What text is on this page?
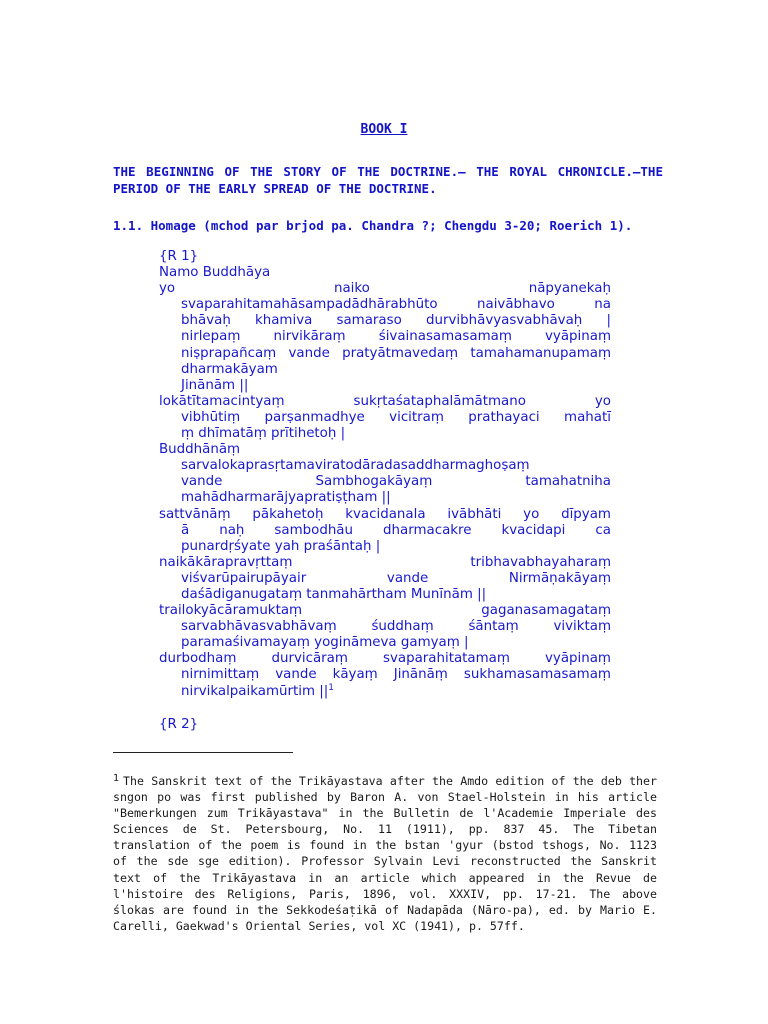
BOOK I
THE BEGINNING OF THE STORY OF THE DOCTRINE.– THE ROYAL CHRONICLE.–THE PERIOD OF THE EARLY SPREAD OF THE DOCTRINE.
1.1. Homage (mchod par brjod pa. Chandra ?; Chengdu 3-20; Roerich 1).
{R 1}
Namo Buddhāya
yo	naiko	nāpyanekaḥ
svaparahitamahāsampadādhārabhūto	naivābhavo	na
bhāvaḥ khamiva samaraso durvibhāvyasvabhāvaḥ |
nirlepaṃ nirvikāraṃ śivainasamasamaṃ vyāpinaṃ
niṣprapañcaṃ vande pratyātmavedaṃ tamahamanupamaṃ
dharmakāyam
Jinānām ||
lokātītamacintyaṃ	sukṛtaśataphalāmātmano	yo
vibhūtiṃ parṣanmadhye vicitraṃ prathayaci mahatī
ṃ dhīmatāṃ prītihetoḥ |
Buddhānāṃ
sarvalokaprasṛtamaviratodāradasaddharmaghoṣaṃ
vande	Sambhogakāyaṃ	tamahatniha
mahādharmarājyapratiṣṭham ||
sattvānāṃ pākahetoḥ kvacidanala ivābhāti yo dīpyam
ā naḥ sambodhāu dharmacakre kvacidapi ca
punardṛśyate yah praśāntaḥ |
naikākārapravṛttaṃ	tribhavabhayaharaṃ
viśvarūpairupāyair	vande	Nirmāṇakāyaṃ
daśādiganugataṃ tanmahārtham Munīnām ||
trailokyācāramuktaṃ	gaganasamagataṃ
sarvabhāvasvabhāvaṃ	śuddhaṃ	śāntaṃ	viviktaṃ
paramaśivamayaṃ yogināmeva gamyaṃ |
durbodhaṃ	durvicāraṃ	svaparahitatamaṃ	vyāpinaṃ
nirnimittaṃ vande kāyaṃ Jinānāṃ sukhamasamasamaṃ
nirvikalpaikamūrtim $||^1$
{R 2}
1 The Sanskrit text of the Trikāyastava after the Amdo edition of the deb ther sngon po was first published by Baron A. von Stael-Holstein in his article "Bemerkungen zum Trikāyastava" in the Bulletin de l'Academie Imperiale des Sciences de St. Petersbourg, No. 11 (1911), pp. 837 45. The Tibetan translation of the poem is found in the bstan 'gyur (bstod tshogs, No. 1123 of the sde sge edition). Professor Sylvain Levi reconstructed the Sanskrit text of the Trikāyastava in an article which appeared in the Revue de l'histoire des Religions, Paris, 1896, vol. XXXIV, pp. 17-21. The above ślokas are found in the Sekkodeśaṭikā of Nadapāda (Nāro-pa), ed. by Mario E. Carelli, Gaekwad's Oriental Series, vol XC (1941), p. 57ff.
